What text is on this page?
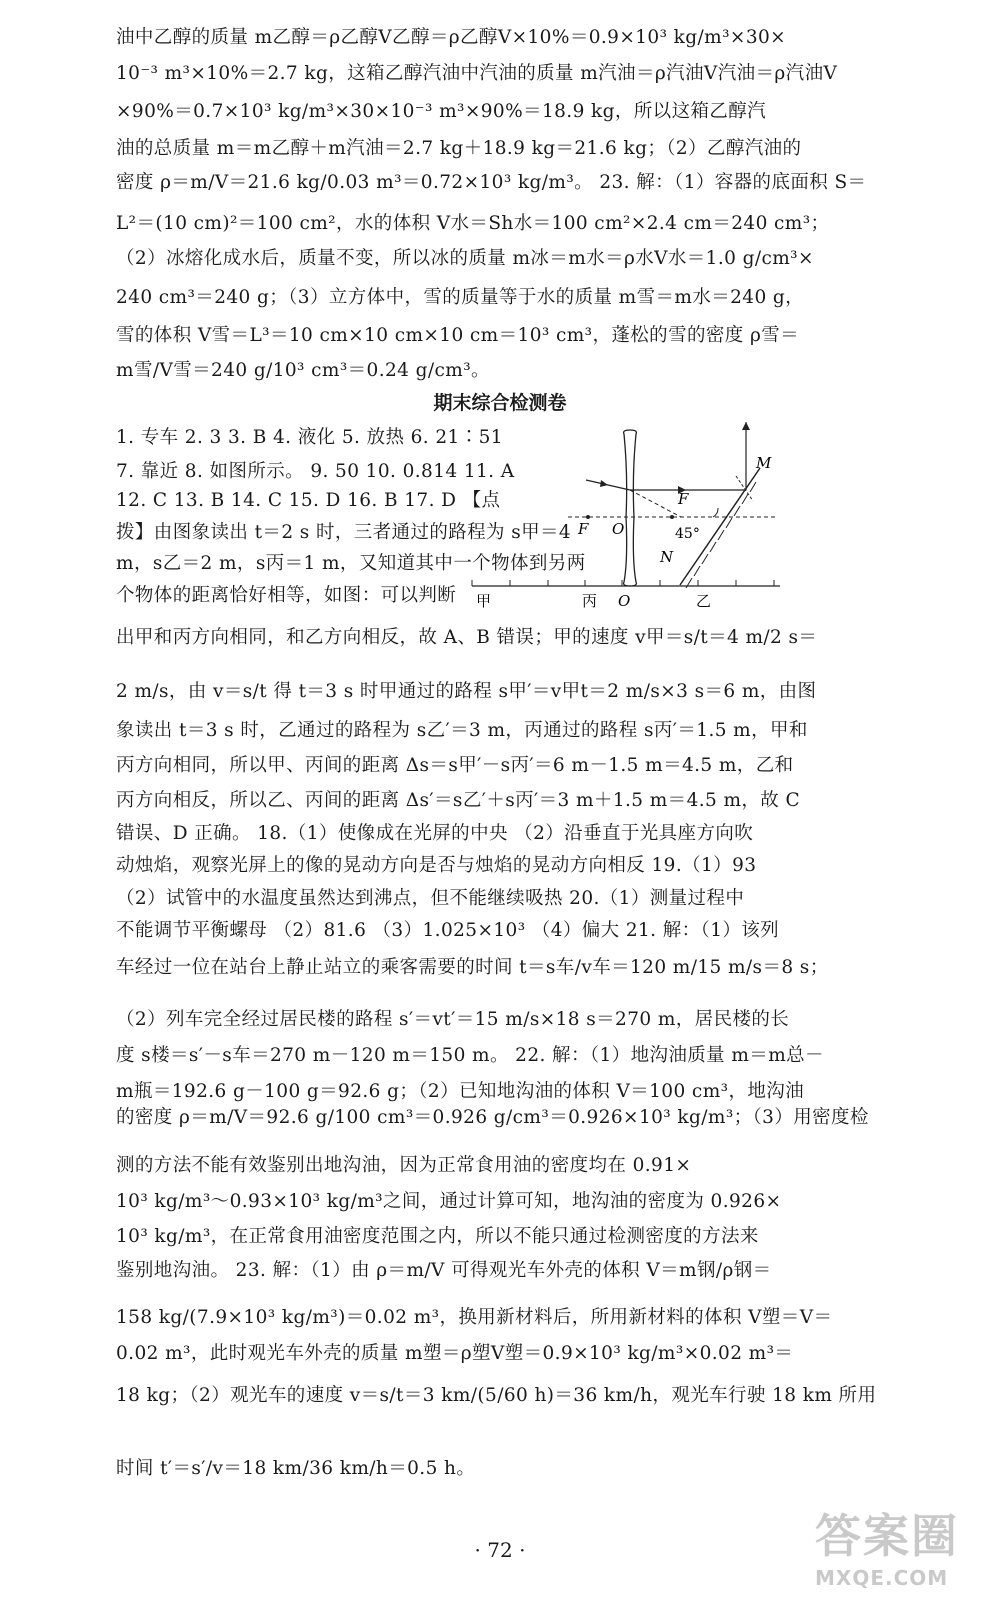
油中乙醇的质量 m乙醇＝ρ乙醇V乙醇＝ρ乙醇V×10%＝0.9×10³ kg/m³×30×
10⁻³ m³×10%＝2.7 kg，这箱乙醇汽油中汽油的质量 m汽油＝ρ汽油V汽油＝ρ汽油V
×90%＝0.7×10³ kg/m³×30×10⁻³ m³×90%＝18.9 kg，所以这箱乙醇汽
油的总质量 m＝m乙醇＋m汽油＝2.7 kg＋18.9 kg＝21.6 kg；（2）乙醇汽油的
密度 ρ＝m/V＝21.6 kg/0.03 m³＝0.72×10³ kg/m³。 23. 解：（1）容器的底面积 S＝
L²＝(10 cm)²＝100 cm²，水的体积 V水＝Sh水＝100 cm²×2.4 cm＝240 cm³；
（2）冰熔化成水后，质量不变，所以冰的质量 m冰＝m水＝ρ水V水＝1.0 g/cm³×
240 cm³＝240 g；（3）立方体中，雪的质量等于水的质量 m雪＝m水＝240 g，
雪的体积 V雪＝L³＝10 cm×10 cm×10 cm＝10³ cm³，蓬松的雪的密度 ρ雪＝
m雪/V雪＝240 g/10³ cm³＝0.24 g/cm³。
期末综合检测卷
1. 专车 2. 3 3. B 4. 液化 5. 放热 6. 21∶51
7. 靠近 8. 如图所示。 9. 50 10. 0.814 11. A
12. C 13. B 14. C 15. D 16. B 17. D 【点
拨】由图象读出 t＝2 s 时，三者通过的路程为 s甲＝4
m，s乙＝2 m，s丙＝1 m，又知道其中一个物体到另两
个物体的距离恰好相等，如图：可以判断
M
F
F O	45°
N
甲	丙 O	乙
出甲和丙方向相同，和乙方向相反，故 A、B 错误；甲的速度 v甲＝s/t＝4 m/2 s＝
2 m/s，由 v＝s/t 得 t＝3 s 时甲通过的路程 s甲′＝v甲t＝2 m/s×3 s＝6 m，由图
象读出 t＝3 s 时，乙通过的路程为 s乙′＝3 m，丙通过的路程 s丙′＝1.5 m，甲和
丙方向相同，所以甲、丙间的距离 Δs＝s甲′－s丙′＝6 m－1.5 m＝4.5 m，乙和
丙方向相反，所以乙、丙间的距离 Δs′＝s乙′＋s丙′＝3 m＋1.5 m＝4.5 m，故 C
错误、D 正确。 18.（1）使像成在光屏的中央 （2）沿垂直于光具座方向吹
动烛焰，观察光屏上的像的晃动方向是否与烛焰的晃动方向相反 19.（1）93
（2）试管中的水温度虽然达到沸点，但不能继续吸热 20.（1）测量过程中
不能调节平衡螺母 （2）81.6 （3）1.025×10³ （4）偏大 21. 解：（1）该列
车经过一位在站台上静止站立的乘客需要的时间 t＝s车/v车＝120 m/15 m/s＝8 s；
（2）列车完全经过居民楼的路程 s′＝vt′＝15 m/s×18 s＝270 m，居民楼的长
度 s楼＝s′－s车＝270 m－120 m＝150 m。 22. 解：（1）地沟油质量 m＝m总－
m瓶＝192.6 g－100 g＝92.6 g；（2）已知地沟油的体积 V＝100 cm³，地沟油
的密度 ρ＝m/V＝92.6 g/100 cm³＝0.926 g/cm³＝0.926×10³ kg/m³；（3）用密度检
测的方法不能有效鉴别出地沟油，因为正常食用油的密度均在 0.91×
10³ kg/m³～0.93×10³ kg/m³之间，通过计算可知，地沟油的密度为 0.926×
10³ kg/m³，在正常食用油密度范围之内，所以不能只通过检测密度的方法来
鉴别地沟油。 23. 解：（1）由 ρ＝m/V 可得观光车外壳的体积 V＝m钢/ρ钢＝
158 kg/(7.9×10³ kg/m³)＝0.02 m³，换用新材料后，所用新材料的体积 V塑＝V＝
0.02 m³，此时观光车外壳的质量 m塑＝ρ塑V塑＝0.9×10³ kg/m³×0.02 m³＝
18 kg；（2）观光车的速度 v＝s/t＝3 km/(5/60 h)＝36 km/h，观光车行驶 18 km 所用
时间 t′＝s′/v＝18 km/36 km/h＝0.5 h。
· 72 ·	答案圈
MXQE.COM
